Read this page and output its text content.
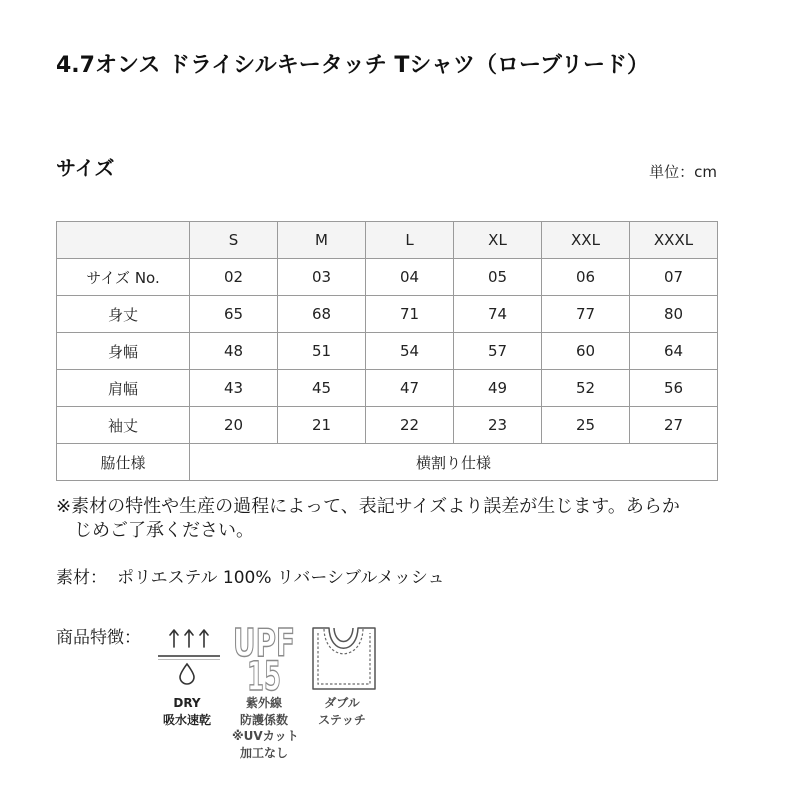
4.7オンス ドライシルキータッチ Tシャツ（ローブリード）
サイズ	単位：cm
	S	M	L	XL	XXL	XXXL
サイズ No.	02	03	04	05	06	07
身丈	65	68	71	74	77	80
身幅	48	51	54	57	60	64
肩幅	43	45	47	49	52	56
袖丈	20	21	22	23	25	27
脇仕様	横割り仕様					
※素材の特性や生産の過程によって、表記サイズより誤差が生じます。あらかじめご了承ください。
素材： ポリエステル 100% リバーシブルメッシュ
商品特徴：
DRY
吸水速乾
UPF
15
紫外線
防護係数
※UVカット
加工なし
ダブル
ステッチ
